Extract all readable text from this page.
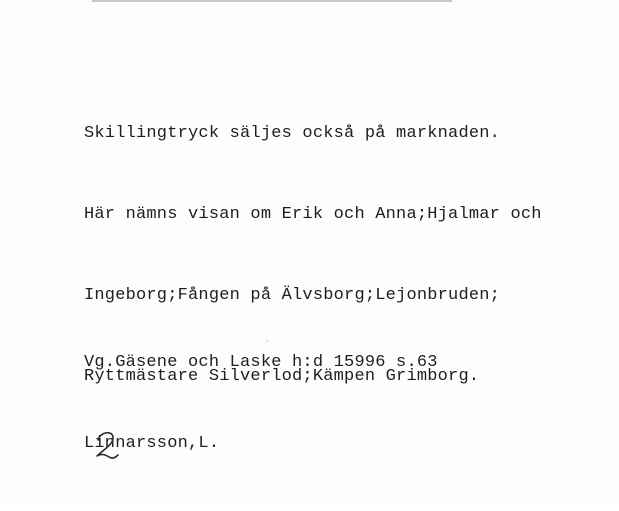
Skillingtryck säljes också på marknaden.

Här nämns visan om Erik och Anna;Hjalmar och

Ingeborg;Fången på Älvsborg;Lejonbruden;

Ryttmästare Silverlod;Kämpen Grimborg.

Vg.Gäsene och Laske h:d 15996 s.63

Linnarsson,L.
